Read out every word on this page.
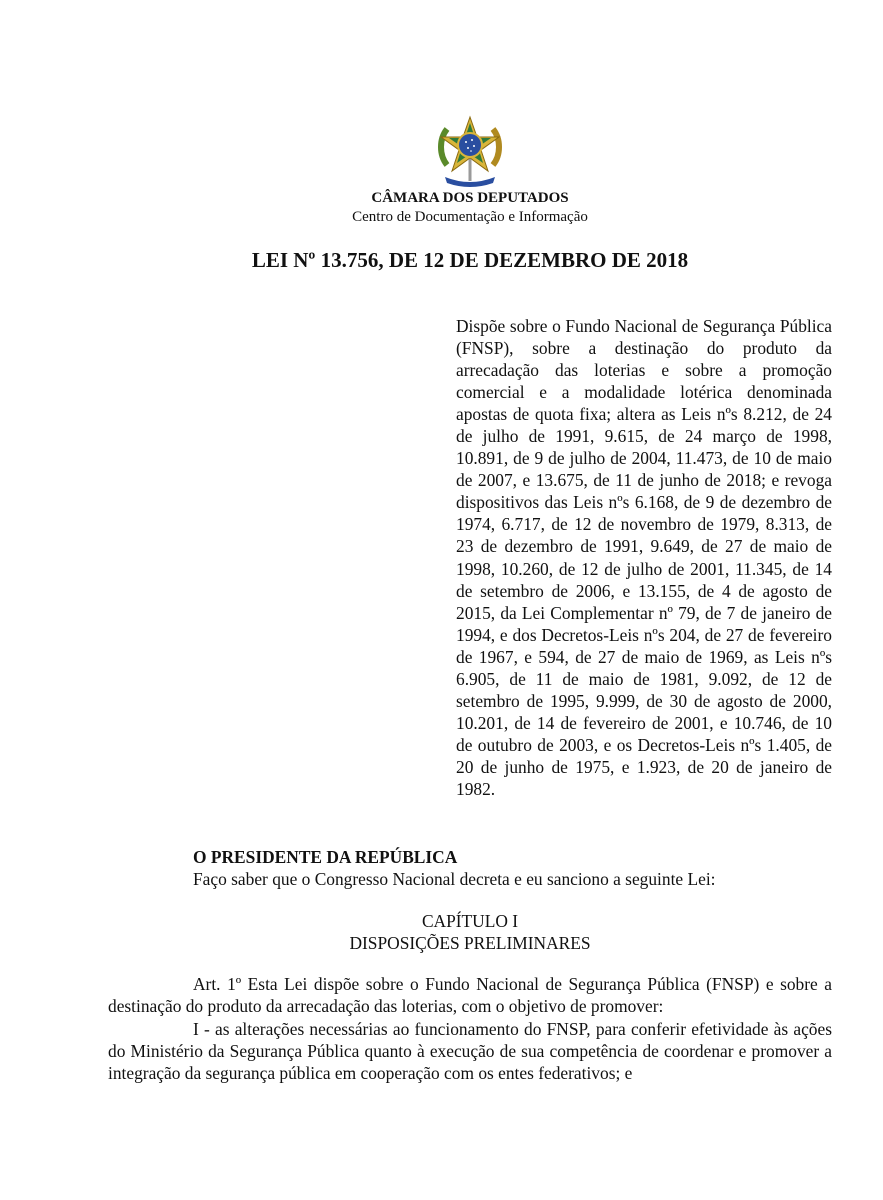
CÂMARA DOS DEPUTADOS
Centro de Documentação e Informação
LEI Nº 13.756, DE 12 DE DEZEMBRO DE 2018

Dispõe sobre o Fundo Nacional de Segurança Pública (FNSP), sobre a destinação do produto da arrecadação das loterias e sobre a promoção comercial e a modalidade lotérica denominada apostas de quota fixa; altera as Leis nºs 8.212, de 24 de julho de 1991, 9.615, de 24 março de 1998, 10.891, de 9 de julho de 2004, 11.473, de 10 de maio de 2007, e 13.675, de 11 de junho de 2018; e revoga dispositivos das Leis nºs 6.168, de 9 de dezembro de 1974, 6.717, de 12 de novembro de 1979, 8.313, de 23 de dezembro de 1991, 9.649, de 27 de maio de 1998, 10.260, de 12 de julho de 2001, 11.345, de 14 de setembro de 2006, e 13.155, de 4 de agosto de 2015, da Lei Complementar nº 79, de 7 de janeiro de 1994, e dos Decretos-Leis nºs 204, de 27 de fevereiro de 1967, e 594, de 27 de maio de 1969, as Leis nºs 6.905, de 11 de maio de 1981, 9.092, de 12 de setembro de 1995, 9.999, de 30 de agosto de 2000, 10.201, de 14 de fevereiro de 2001, e 10.746, de 10 de outubro de 2003, e os Decretos-Leis nºs 1.405, de 20 de junho de 1975, e 1.923, de 20 de janeiro de 1982.

O PRESIDENTE DA REPÚBLICA
Faço saber que o Congresso Nacional decreta e eu sanciono a seguinte Lei:
CAPÍTULO I
DISPOSIÇÕES PRELIMINARES

Art. 1º Esta Lei dispõe sobre o Fundo Nacional de Segurança Pública (FNSP) e sobre a destinação do produto da arrecadação das loterias, com o objetivo de promover:

I - as alterações necessárias ao funcionamento do FNSP, para conferir efetividade às ações do Ministério da Segurança Pública quanto à execução de sua competência de coordenar e promover a integração da segurança pública em cooperação com os entes federativos; e
